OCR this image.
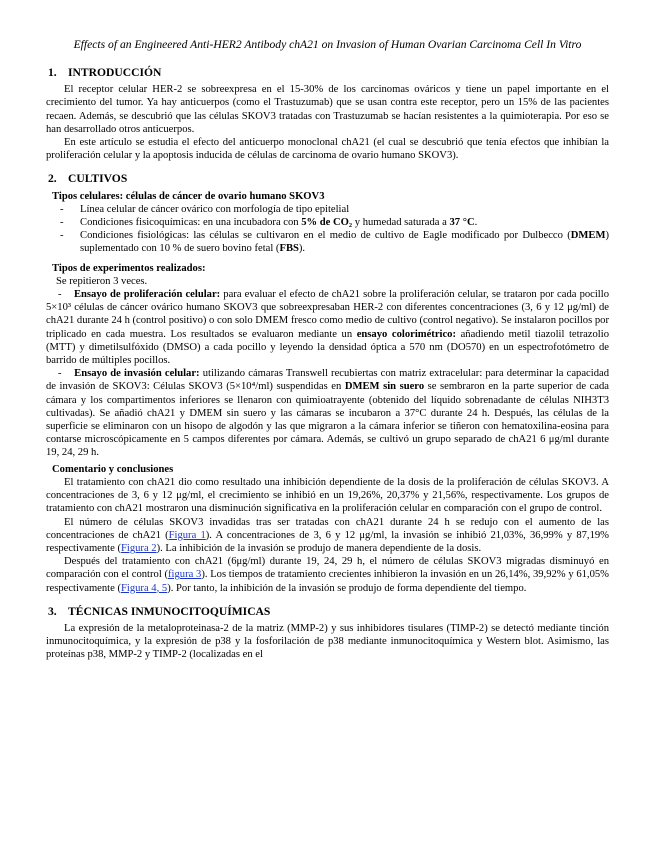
Effects of an Engineered Anti-HER2 Antibody chA21 on Invasion of Human Ovarian Carcinoma Cell In Vitro
1. INTRODUCCIÓN

El receptor celular HER-2 se sobreexpresa en el 15-30% de los carcinomas ováricos y tiene un papel importante en el crecimiento del tumor. Ya hay anticuerpos (como el Trastuzumab) que se usan contra este receptor, pero un 15% de las pacientes recaen. Además, se descubrió que las células SKOV3 tratadas con Trastuzumab se hacían resistentes a la quimioterapia. Por eso se han desarrollado otros anticuerpos.

En este artículo se estudia el efecto del anticuerpo monoclonal chA21 (el cual se descubrió que tenía efectos que inhibían la proliferación celular y la apoptosis inducida de células de carcinoma de ovario humano SKOV3).

2. CULTIVOS
Tipos celulares: células de cáncer de ovario humano SKOV3
-	Línea celular de cáncer ovárico con morfología de tipo epitelial
-	Condiciones fisicoquímicas: en una incubadora con 5% de CO₂ y humedad saturada a 37 °C.
-	Condiciones fisiológicas: las células se cultivaron en el medio de cultivo de Eagle modificado por Dulbecco (DMEM) suplementado con 10 % de suero bovino fetal (FBS).
Tipos de experimentos realizados:

Se repitieron 3 veces.

- Ensayo de proliferación celular: para evaluar el efecto de chA21 sobre la proliferación celular, se trataron por cada pocillo 5×10³ células de cáncer ovárico humano SKOV3 que sobreexpresaban HER-2 con diferentes concentraciones (3, 6 y 12 μg/ml) de chA21 durante 24 h (control positivo) o con solo DMEM fresco como medio de cultivo (control negativo). Se instalaron pocillos por triplicado en cada muestra. Los resultados se evaluaron mediante un ensayo colorimétrico: añadiendo metil tiazolil tetrazolio (MTT) y dimetilsulfóxido (DMSO) a cada pocillo y leyendo la densidad óptica a 570 nm (DO570) en un espectrofotómetro de barrido de múltiples pocillos.

- Ensayo de invasión celular: utilizando cámaras Transwell recubiertas con matriz extracelular: para determinar la capacidad de invasión de SKOV3: Células SKOV3 (5×10⁴/ml) suspendidas en DMEM sin suero se sembraron en la parte superior de cada cámara y los compartimentos inferiores se llenaron con quimioatrayente (obtenido del líquido sobrenadante de células NIH3T3 cultivadas). Se añadió chA21 y DMEM sin suero y las cámaras se incubaron a 37°C durante 24 h. Después, las células de la superficie se eliminaron con un hisopo de algodón y las que migraron a la cámara inferior se tiñeron con hematoxilina-eosina para contarse microscópicamente en 5 campos diferentes por cámara. Además, se cultivó un grupo separado de chA21 6 μg/ml durante 19, 24, 29 h.

Comentario y conclusiones

El tratamiento con chA21 dio como resultado una inhibición dependiente de la dosis de la proliferación de células SKOV3. A concentraciones de 3, 6 y 12 μg/ml, el crecimiento se inhibió en un 19,26%, 20,37% y 21,56%, respectivamente. Los grupos de tratamiento con chA21 mostraron una disminución significativa en la proliferación celular en comparación con el grupo de control.

El número de células SKOV3 invadidas tras ser tratadas con chA21 durante 24 h se redujo con el aumento de las concentraciones de chA21 (Figura 1). A concentraciones de 3, 6 y 12 μg/ml, la invasión se inhibió 21,03%, 36,99% y 87,19% respectivamente (Figura 2). La inhibición de la invasión se produjo de manera dependiente de la dosis.

Después del tratamiento con chA21 (6μg/ml) durante 19, 24, 29 h, el número de células SKOV3 migradas disminuyó en comparación con el control (figura 3). Los tiempos de tratamiento crecientes inhibieron la invasión en un 26,14%, 39,92% y 61,05% respectivamente (Figura 4, 5). Por tanto, la inhibición de la invasión se produjo de forma dependiente del tiempo.

3. TÉCNICAS INMUNOCITOQUÍMICAS

La expresión de la metaloproteinasa-2 de la matriz (MMP-2) y sus inhibidores tisulares (TIMP-2) se detectó mediante tinción inmunocitoquímica, y la expresión de p38 y la fosforilación de p38 mediante inmunocitoquímica y Western blot. Asimismo, las proteínas p38, MMP-2 y TIMP-2 (localizadas en el
